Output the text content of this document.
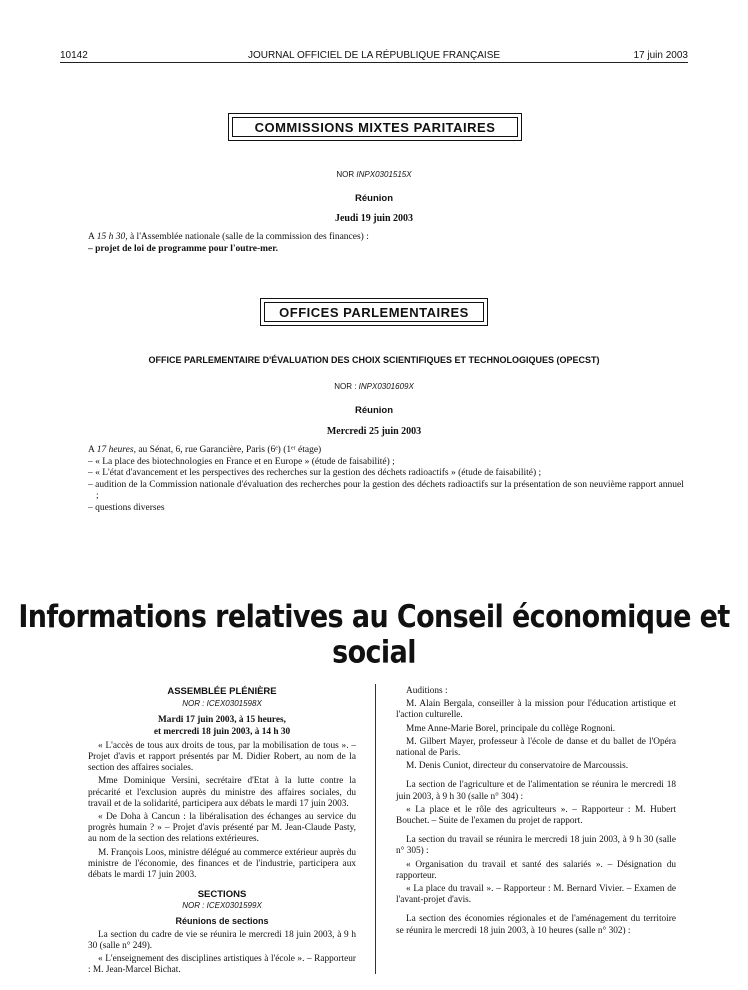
10142	JOURNAL OFFICIEL DE LA RÉPUBLIQUE FRANÇAISE	17 juin 2003
COMMISSIONS MIXTES PARITAIRES
NOR INPX0301515X
Réunion
Jeudi 19 juin 2003
A 15 h 30, à l'Assemblée nationale (salle de la commission des finances) :
– projet de loi de programme pour l'outre-mer.
OFFICES PARLEMENTAIRES
OFFICE PARLEMENTAIRE D'ÉVALUATION DES CHOIX SCIENTIFIQUES ET TECHNOLOGIQUES (OPECST)
NOR : INPX0301609X
Réunion
Mercredi 25 juin 2003

A 17 heures, au Sénat, 6, rue Garancière, Paris (6ᵉ) (1ᵉʳ étage)

– « La place des biotechnologies en France et en Europe » (étude de faisabilité) ;

– « L'état d'avancement et les perspectives des recherches sur la gestion des déchets radioactifs » (étude de faisabilité) ;

– audition de la Commission nationale d'évaluation des recherches pour la gestion des déchets radioactifs sur la présentation de son neuvième rapport annuel ;

– questions diverses

Informations relatives au Conseil économique et social
ASSEMBLÉE PLÉNIÈRE
NOR : ICEX0301598X
Mardi 17 juin 2003, à 15 heures,
et mercredi 18 juin 2003, à 14 h 30

« L'accès de tous aux droits de tous, par la mobilisation de tous ». – Projet d'avis et rapport présentés par M. Didier Robert, au nom de la section des affaires sociales.

Mme Dominique Versini, secrétaire d'Etat à la lutte contre la précarité et l'exclusion auprès du ministre des affaires sociales, du travail et de la solidarité, participera aux débats le mardi 17 juin 2003.

« De Doha à Cancun : la libéralisation des échanges au service du progrès humain ? » – Projet d'avis présenté par M. Jean-Claude Pasty, au nom de la section des relations extérieures.

M. François Loos, ministre délégué au commerce extérieur auprès du ministre de l'économie, des finances et de l'industrie, participera aux débats le mardi 17 juin 2003.

SECTIONS
NOR : ICEX0301599X
Réunions de sections

La section du cadre de vie se réunira le mercredi 18 juin 2003, à 9 h 30 (salle n° 249).

« L'enseignement des disciplines artistiques à l'école ». – Rapporteur : M. Jean-Marcel Bichat.

Auditions :

M. Alain Bergala, conseiller à la mission pour l'éducation artistique et l'action culturelle.

Mme Anne-Marie Borel, principale du collège Rognoni.

M. Gilbert Mayer, professeur à l'école de danse et du ballet de l'Opéra national de Paris.

M. Denis Cuniot, directeur du conservatoire de Marcoussis.

La section de l'agriculture et de l'alimentation se réunira le mercredi 18 juin 2003, à 9 h 30 (salle n° 304) :

« La place et le rôle des agriculteurs ». – Rapporteur : M. Hubert Bouchet. – Suite de l'examen du projet de rapport.

La section du travail se réunira le mercredi 18 juin 2003, à 9 h 30 (salle n° 305) :

« Organisation du travail et santé des salariés ». – Désignation du rapporteur.

« La place du travail ». – Rapporteur : M. Bernard Vivier. – Examen de l'avant-projet d'avis.

La section des économies régionales et de l'aménagement du territoire se réunira le mercredi 18 juin 2003, à 10 heures (salle n° 302) :
